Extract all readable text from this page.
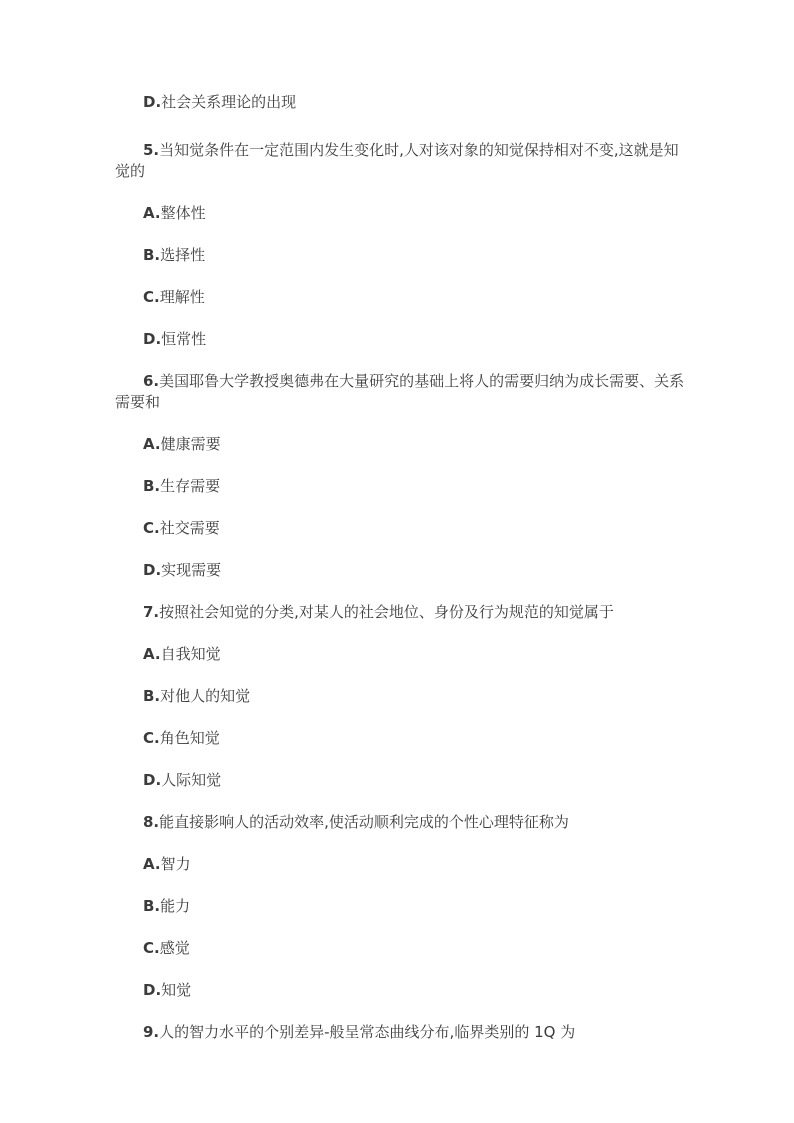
D.社会关系理论的出现

5.当知觉条件在一定范围内发生变化时,人对该对象的知觉保持相对不变,这就是知觉的

A.整体性

B.选择性

C.理解性

D.恒常性

6.美国耶鲁大学教授奥德弗在大量研究的基础上将人的需要归纳为成长需要、关系需要和

A.健康需要

B.生存需要

C.社交需要

D.实现需要

7.按照社会知觉的分类,对某人的社会地位、身份及行为规范的知觉属于

A.自我知觉

B.对他人的知觉

C.角色知觉

D.人际知觉

8.能直接影响人的活动效率,使活动顺利完成的个性心理特征称为

A.智力

B.能力

C.感觉

D.知觉

9.人的智力水平的个别差异-般呈常态曲线分布,临界类别的 1Q 为
